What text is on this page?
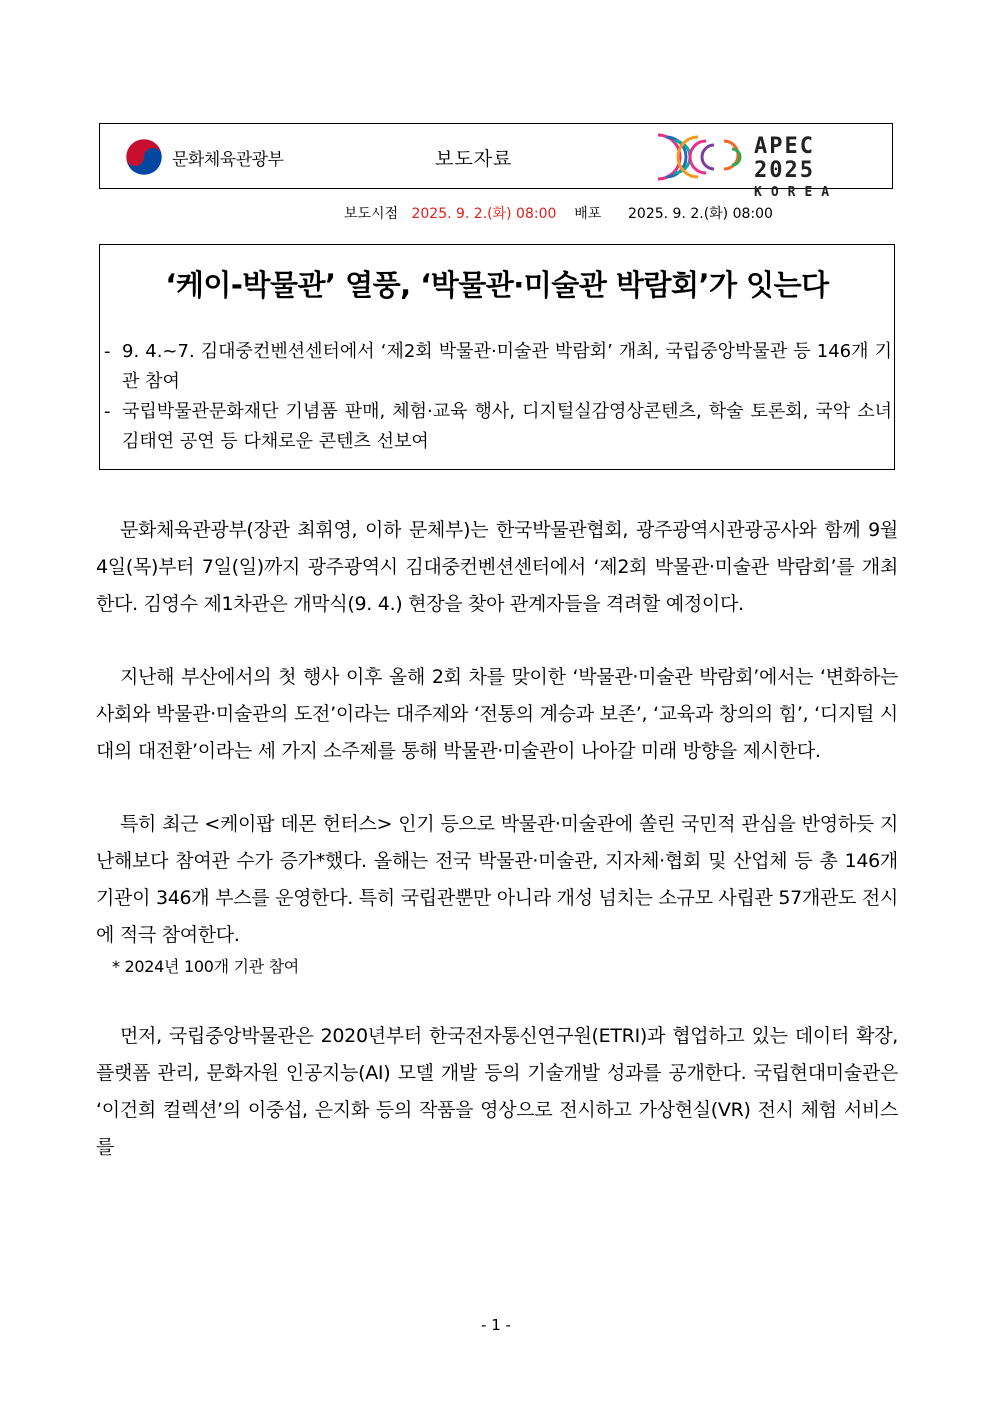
문화체육관광부	보도자료	APEC 2025
KOREA
보도시점 2025. 9. 2.(화) 08:00 배포 2025. 9. 2.(화) 08:00
‘케이-박물관’ 열풍, ‘박물관·미술관 박람회’가 잇는다
- 9. 4.~7. 김대중컨벤션센터에서 ‘제2회 박물관·미술관 박람회’ 개최, 국립중앙박물관 등 146개 기관 참여
- 국립박물관문화재단 기념품 판매, 체험·교육 행사, 디지털실감영상콘텐츠, 학술 토론회, 국악 소녀 김태연 공연 등 다채로운 콘텐츠 선보여

문화체육관광부(장관 최휘영, 이하 문체부)는 한국박물관협회, 광주광역시관광공사와 함께 9월 4일(목)부터 7일(일)까지 광주광역시 김대중컨벤션센터에서 ‘제2회 박물관·미술관 박람회’를 개최한다. 김영수 제1차관은 개막식(9. 4.) 현장을 찾아 관계자들을 격려할 예정이다.

지난해 부산에서의 첫 행사 이후 올해 2회 차를 맞이한 ‘박물관·미술관 박람회’에서는 ‘변화하는 사회와 박물관·미술관의 도전’이라는 대주제와 ‘전통의 계승과 보존’, ‘교육과 창의의 힘’, ‘디지털 시대의 대전환’이라는 세 가지 소주제를 통해 박물관·미술관이 나아갈 미래 방향을 제시한다.

특히 최근 <케이팝 데몬 헌터스> 인기 등으로 박물관·미술관에 쏠린 국민적 관심을 반영하듯 지난해보다 참여관 수가 증가*했다. 올해는 전국 박물관·미술관, 지자체·협회 및 산업체 등 총 146개 기관이 346개 부스를 운영한다. 특히 국립관뿐만 아니라 개성 넘치는 소규모 사립관 57개관도 전시에 적극 참여한다.

* 2024년 100개 기관 참여

먼저, 국립중앙박물관은 2020년부터 한국전자통신연구원(ETRI)과 협업하고 있는 데이터 확장, 플랫폼 관리, 문화자원 인공지능(AI) 모델 개발 등의 기술개발 성과를 공개한다. 국립현대미술관은 ‘이건희 컬렉션’의 이중섭, 은지화 등의 작품을 영상으로 전시하고 가상현실(VR) 전시 체험 서비스를

- 1 -
